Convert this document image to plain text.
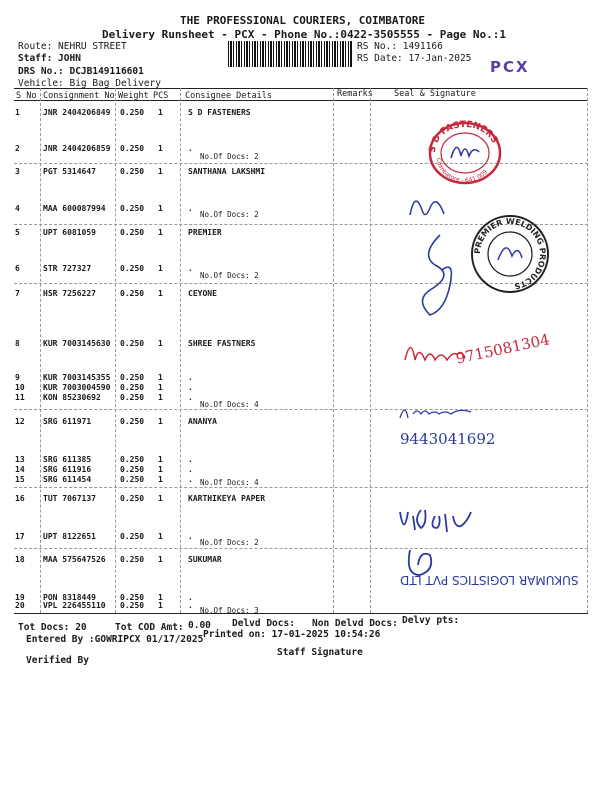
THE PROFESSIONAL COURIERS, COIMBATORE
Delivery Runsheet - PCX - Phone No.:0422-3505555 - Page No.:1
Route: NEHRU STREET
Staff: JOHN
DRS No.: DCJB149116601
Vehicle: Big Bag Delivery
RS No.: 1491166
RS Date: 17-Jan-2025 PCX
S No Consignment No Weight PCS Consignee Details	Remarks Seal & Signature
1	JNR 2404206849 0.250 1	S D FASTENERS
2	JNR 2404206859 0.250 1	.
No.Of Docs: 2
3	PGT 5314647	0.250 1	SANTHANA LAKSHMI
4	MAA 600087994 0.250 1	.
No.Of Docs: 2
5	UPT 6081059	0.250 1	PREMIER
6	STR 727327	0.250 1	.
No.Of Docs: 2
7	HSR 7256227	0.250 1	CEYONE
8	KUR 7003145630 0.250 1	SHREE FASTNERS
9	KUR 7003145355 0.250 1	.
10 KUR 7003004590 0.250 1	.
11 KON 85230692 0.250 1	.
No.Of Docs: 4
12 SRG 611971	0.250 1	ANANYA
13 SRG 611385	0.250 1	.
14 SRG 611916	0.250 1	.
15 SRG 611454	0.250 1	. No.Of Docs: 4
16 TUT 7067137	0.250 1	KARTHIKEYA PAPER
17 UPT 8122651	0.250 1	.
No.Of Docs: 2
18 MAA 575647526 0.250 1	SUKUMAR
19 PON 8318449	0.250 1	.
20 VPL 226455110 0.250 1	.
No.Of Docs: 3
S D FASTENERS
Coimbatore - 641 009
PREMIER WELDING PRODUCTS
9715081304
9443041692
SUKUMAR LOGISTICS PVT LTD
Tot Docs: 20	Tot COD Amt: 0.00 Delvd Docs: Non Delvd Docs: Delvy pts:
Entered By :GOWRIPCX 01/17/2025 Printed on: 17-01-2025 10:54:26
Staff Signature
Verified By
